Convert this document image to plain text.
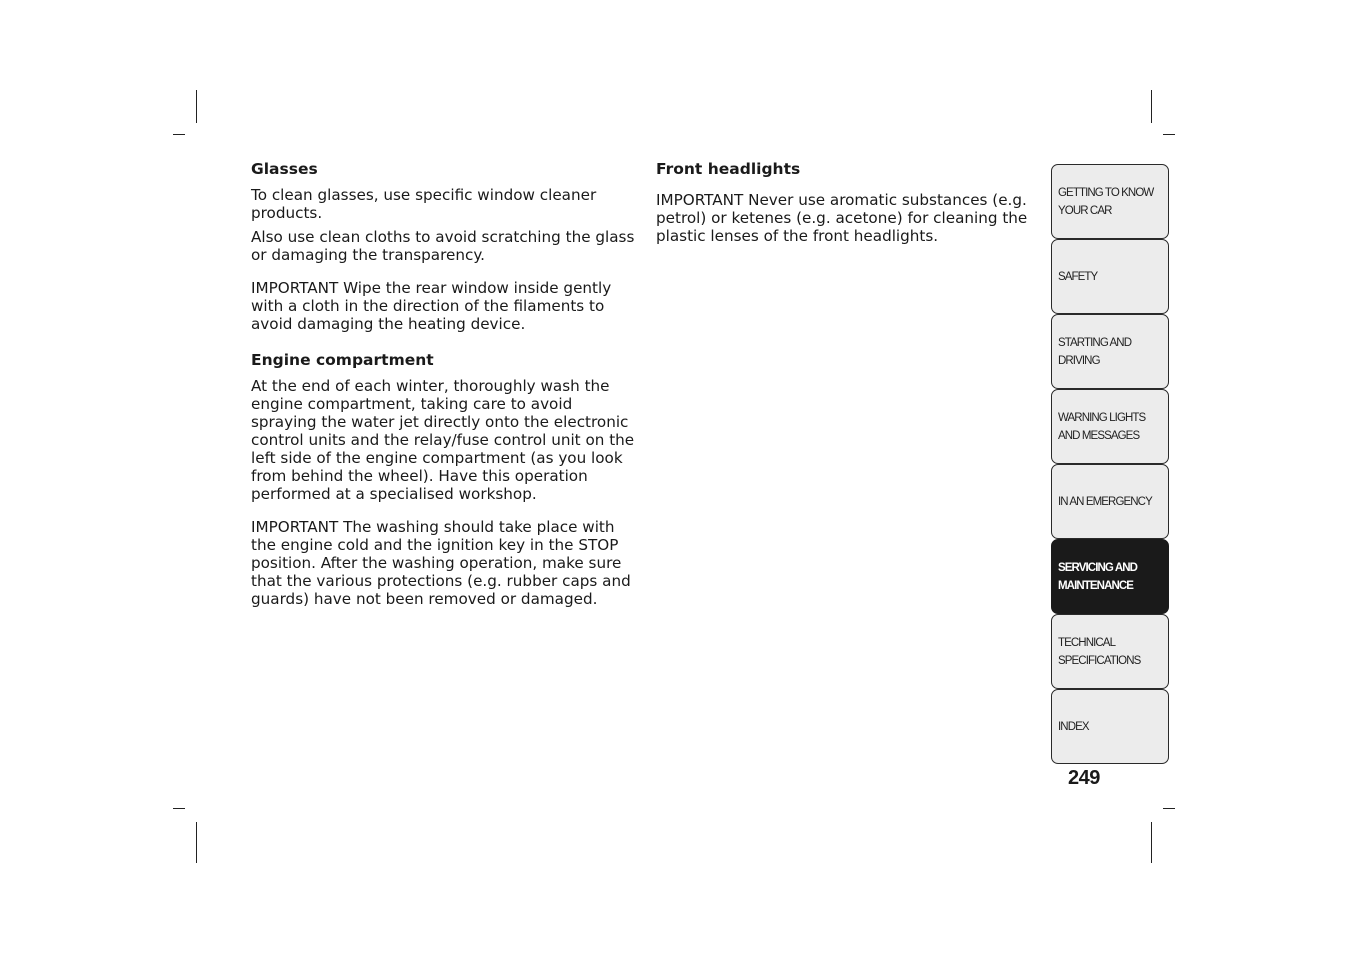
Glasses

To clean glasses, use specific window cleaner products.

Also use clean cloths to avoid scratching the glass or damaging the transparency.

IMPORTANT Wipe the rear window inside gently with a cloth in the direction of the filaments to avoid damaging the heating device.

Engine compartment

At the end of each winter, thoroughly wash the engine compartment, taking care to avoid spraying the water jet directly onto the electronic control units and the relay/fuse control unit on the left side of the engine compartment (as you look from behind the wheel). Have this operation performed at a specialised workshop.

IMPORTANT The washing should take place with the engine cold and the ignition key in the STOP position. After the washing operation, make sure that the various protections (e.g. rubber caps and guards) have not been removed or damaged.

Front headlights

IMPORTANT Never use aromatic substances (e.g. petrol) or ketenes (e.g. acetone) for cleaning the plastic lenses of the front headlights.

GETTING TO KNOW
YOUR CAR
SAFETY
STARTING AND
DRIVING
WARNING LIGHTS
AND MESSAGES
IN AN EMERGENCY
SERVICING AND
MAINTENANCE
TECHNICAL
SPECIFICATIONS
INDEX
249
